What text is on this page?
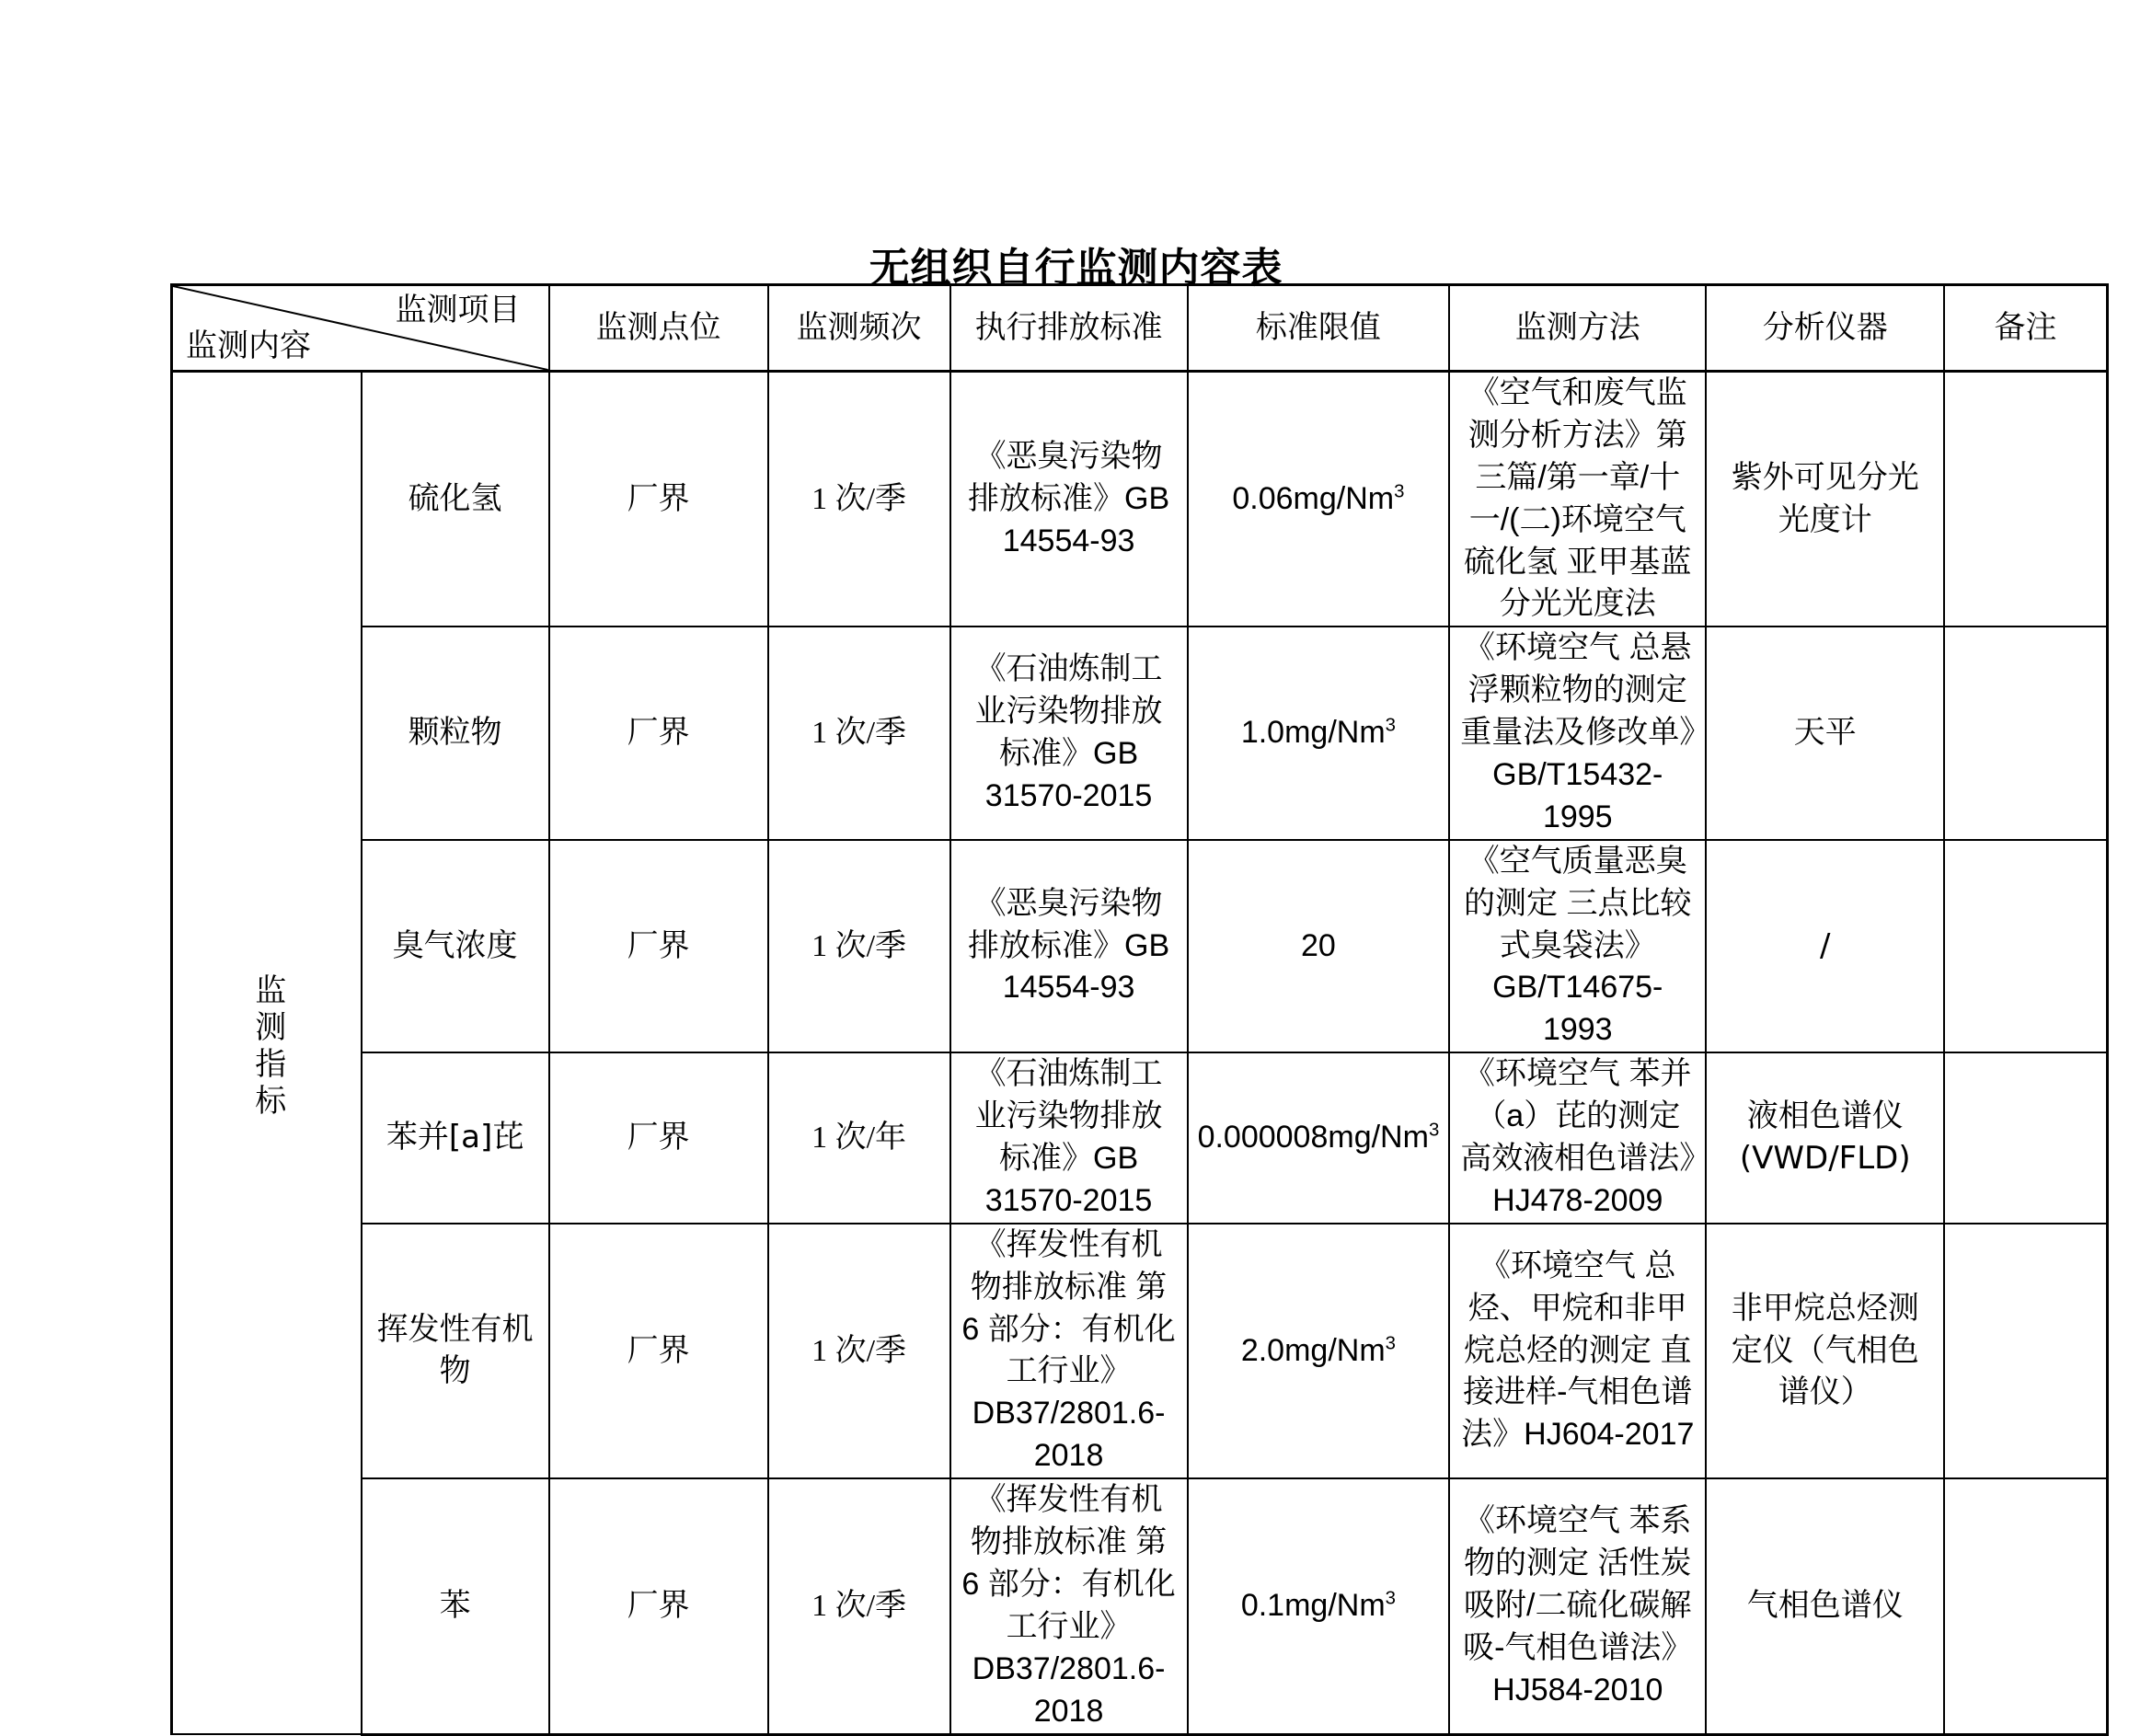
无组织自行监测内容表
监测项目
监测内容		监测点位	监测频次	执行排放标准	标准限值	监测方法	分析仪器	备注
监测指标	硫化氢	厂界	1 次/季	《恶臭污染物排放标准》GB 14554-93	0.06mg/Nm$^3$	《空气和废气监测分析方法》第三篇/第一章/十一/(二)环境空气 硫化氢 亚甲基蓝分光光度法	紫外可见分光光度计	
	颗粒物	厂界	1 次/季	《石油炼制工业污染物排放标准》GB 31570-2015	1.0mg/Nm$^3$	《环境空气 总悬浮颗粒物的测定 重量法及修改单》GB/T15432-1995	天平	
	臭气浓度	厂界	1 次/季	《恶臭污染物排放标准》GB 14554-93	20	《空气质量恶臭的测定 三点比较式臭袋法》GB/T14675-1993	/	
	苯并[a]芘	厂界	1 次/年	《石油炼制工业污染物排放标准》GB 31570-2015	0.000008mg/Nm$^3$	《环境空气 苯并（a）芘的测定 高效液相色谱法》HJ478-2009	液相色谱仪(VWD/FLD)	
	挥发性有机物	厂界	1 次/季	《挥发性有机物排放标准 第 6 部分：有机化工行业》DB37/2801.6-2018	2.0mg/Nm$^3$	《环境空气 总烃、甲烷和非甲烷总烃的测定 直接进样-气相色谱法》HJ604-2017	非甲烷总烃测定仪（气相色谱仪）	
	苯	厂界	1 次/季	《挥发性有机物排放标准 第 6 部分：有机化工行业》DB37/2801.6-2018	0.1mg/Nm$^3$	《环境空气 苯系物的测定 活性炭吸附/二硫化碳解吸-气相色谱法》HJ584-2010	气相色谱仪	
